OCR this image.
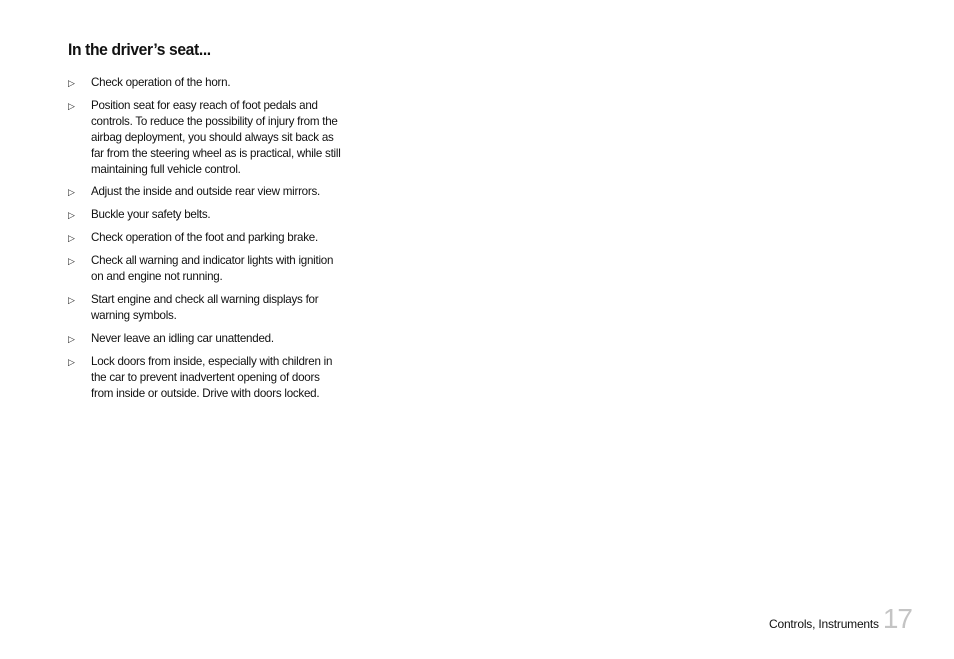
In the driver’s seat...
▷ Check operation of the horn.
▷ Position seat for easy reach of foot pedals and controls. To reduce the possibility of injury from the airbag deployment, you should always sit back as far from the steering wheel as is practical, while still maintaining full vehicle control.
▷ Adjust the inside and outside rear view mirrors.
▷ Buckle your safety belts.
▷ Check operation of the foot and parking brake.
▷ Check all warning and indicator lights with ignition on and engine not running.
▷ Start engine and check all warning displays for warning symbols.
▷ Never leave an idling car unattended.
▷ Lock doors from inside, especially with children in the car to prevent inadvertent opening of doors from inside or outside. Drive with doors locked.
Controls, Instruments 17
